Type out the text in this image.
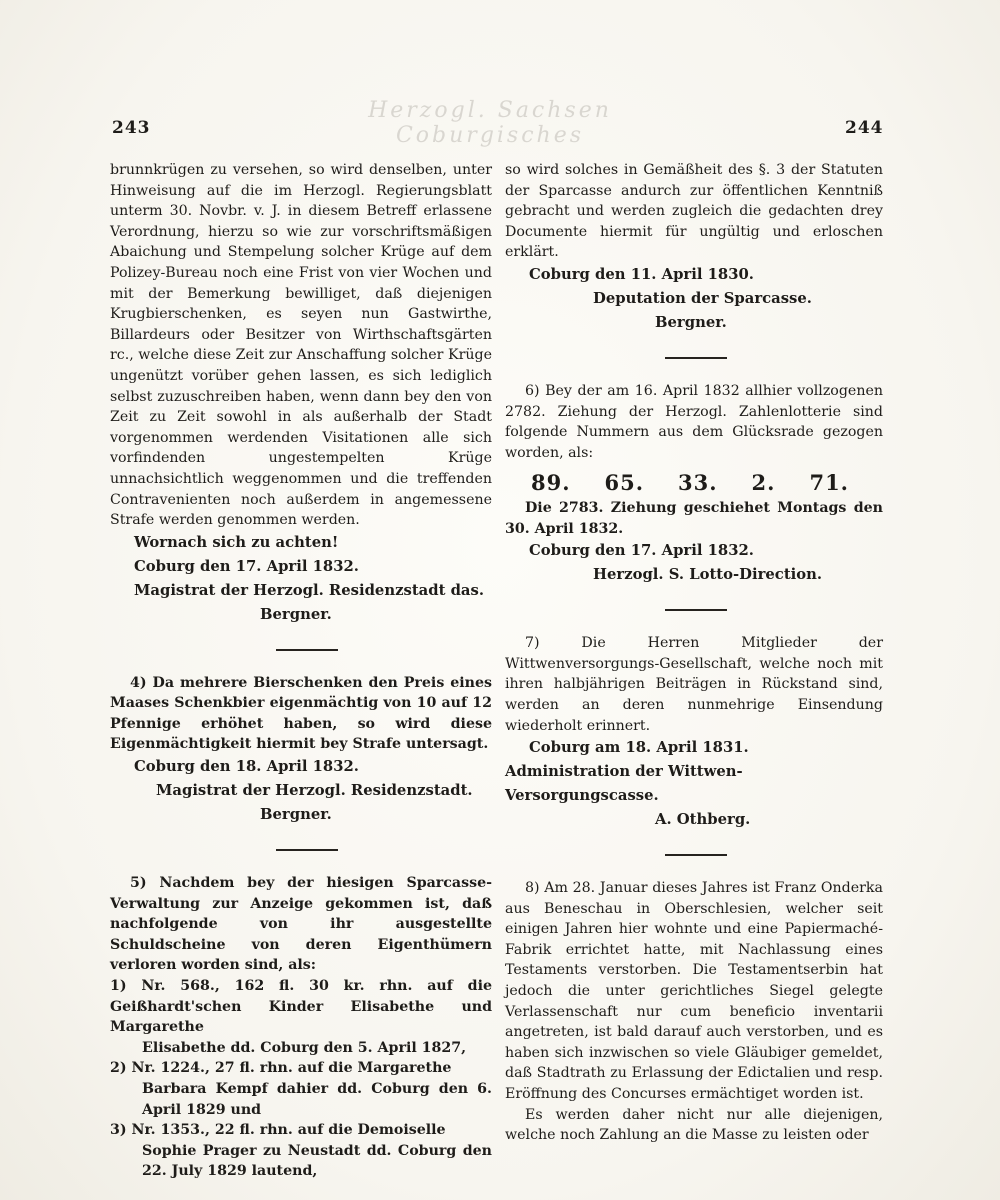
243
Herzogl. Sachsen Coburgisches	244

brunnkrügen zu versehen, so wird denselben, unter Hinweisung auf die im Herzogl. Regierungsblatt unterm 30. Novbr. v. J. in diesem Betreff erlassene Verordnung, hierzu so wie zur vorschriftsmäßigen Abaichung und Stempelung solcher Krüge auf dem Polizey-Bureau noch eine Frist von vier Wochen und mit der Bemerkung bewilliget, daß diejenigen Krugbierschenken, es seyen nun Gastwirthe, Billardeurs oder Besitzer von Wirthschaftsgärten rc., welche diese Zeit zur Anschaffung solcher Krüge ungenützt vorüber gehen lassen, es sich lediglich selbst zuzuschreiben haben, wenn dann bey den von Zeit zu Zeit sowohl in als außerhalb der Stadt vorgenommen werdenden Visitationen alle sich vorfindenden ungestempelten Krüge unnachsichtlich weggenommen und die treffenden Contravenienten noch außerdem in angemessene Strafe werden genommen werden.

Wornach sich zu achten!

Coburg den 17. April 1832.

Magistrat der Herzogl. Residenzstadt das.

Bergner.

4) Da mehrere Bierschenken den Preis eines Maases Schenkbier eigenmächtig von 10 auf 12 Pfennige erhöhet haben, so wird diese Eigenmächtigkeit hiermit bey Strafe untersagt.

Coburg den 18. April 1832.

Magistrat der Herzogl. Residenzstadt.

Bergner.

5) Nachdem bey der hiesigen Sparcasse-Verwaltung zur Anzeige gekommen ist, daß nachfolgende von ihr ausgestellte Schuldscheine von deren Eigenthümern verloren worden sind, als:

1) Nr. 568., 162 fl. 30 kr. rhn. auf die Geißhardt'schen Kinder Elisabethe und Margarethe
Elisabethe dd. Coburg den 5. April 1827,

2) Nr. 1224., 27 fl. rhn. auf die Margarethe
Barbara Kempf dahier dd. Coburg den 6. April 1829 und

3) Nr. 1353., 22 fl. rhn. auf die Demoiselle
Sophie Prager zu Neustadt dd. Coburg den 22. July 1829 lautend,

so wird solches in Gemäßheit des §. 3 der Statuten der Sparcasse andurch zur öffentlichen Kenntniß gebracht und werden zugleich die gedachten drey Documente hiermit für ungültig und erloschen erklärt.

Coburg den 11. April 1830.

Deputation der Sparcasse.

Bergner.

6) Bey der am 16. April 1832 allhier vollzogenen 2782. Ziehung der Herzogl. Zahlenlotterie sind folgende Nummern aus dem Glücksrade gezogen worden, als:

89. 65. 33. 2. 71.

Die 2783. Ziehung geschiehet Montags den 30. April 1832.

Coburg den 17. April 1832.

Herzogl. S. Lotto-Direction.

7) Die Herren Mitglieder der Wittwenversorgungs-Gesellschaft, welche noch mit ihren halbjährigen Beiträgen in Rückstand sind, werden an deren nunmehrige Einsendung wiederholt erinnert.

Coburg am 18. April 1831.

Administration der Wittwen-Versorgungscasse.

A. Othberg.

8) Am 28. Januar dieses Jahres ist Franz Onderka aus Beneschau in Oberschlesien, welcher seit einigen Jahren hier wohnte und eine Papiermaché-Fabrik errichtet hatte, mit Nachlassung eines Testaments verstorben. Die Testamentserbin hat jedoch die unter gerichtliches Siegel gelegte Verlassenschaft nur cum beneficio inventarii angetreten, ist bald darauf auch verstorben, und es haben sich inzwischen so viele Gläubiger gemeldet, daß Stadtrath zu Erlassung der Edictalien und resp. Eröffnung des Concurses ermächtiget worden ist.

Es werden daher nicht nur alle diejenigen, welche noch Zahlung an die Masse zu leisten oder
